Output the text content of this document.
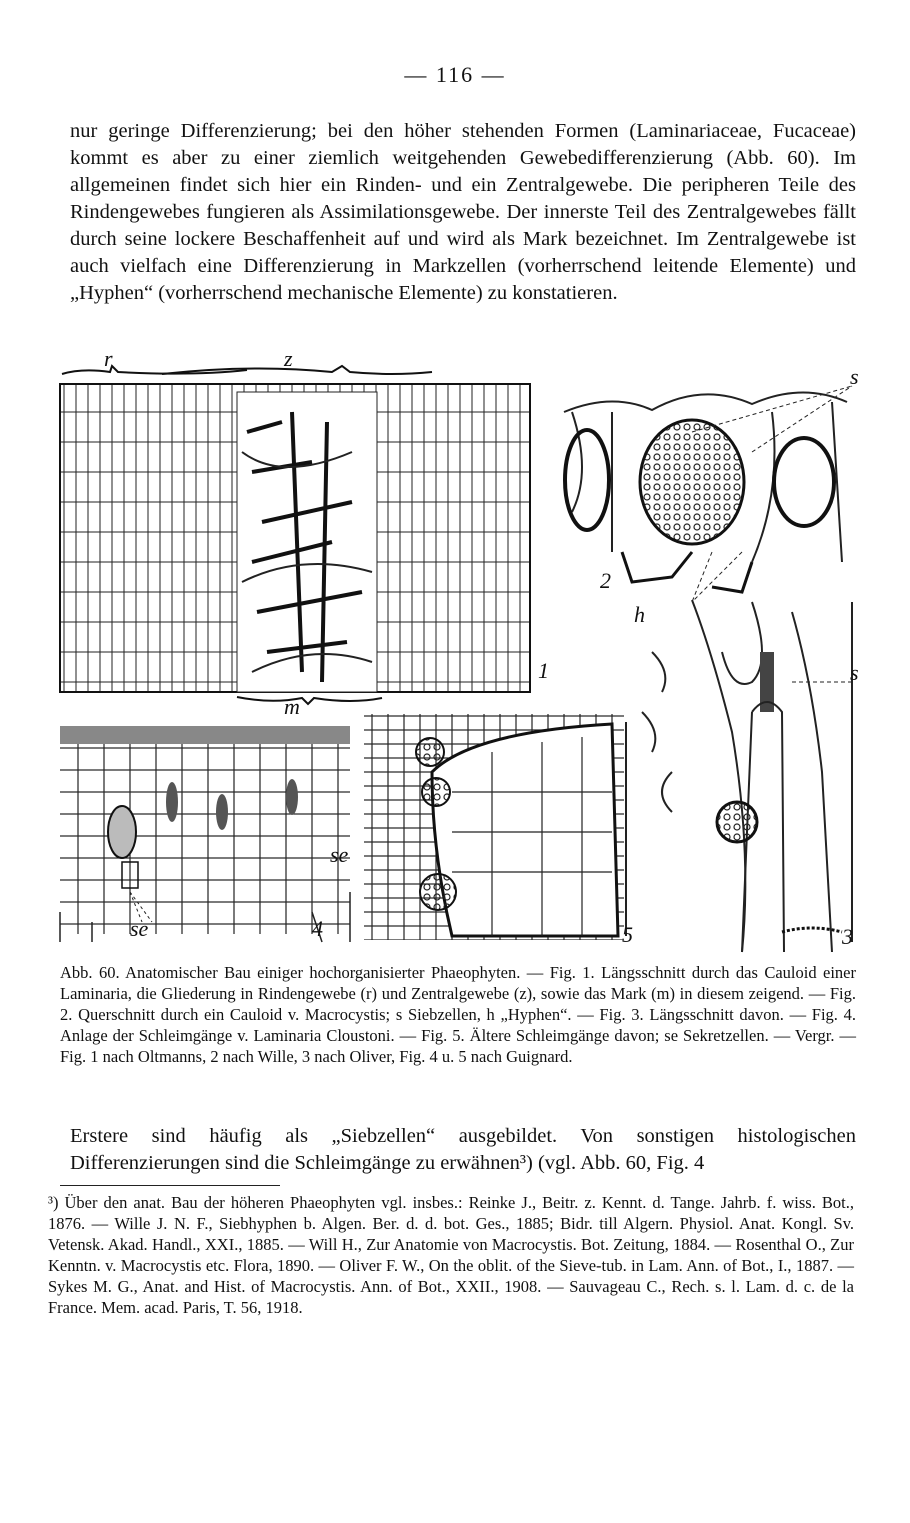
— 116 —

nur geringe Differenzierung; bei den höher stehenden Formen (Laminariaceae, Fucaceae) kommt es aber zu einer ziemlich weitgehenden Gewebedifferenzierung (Abb. 60). Im allgemeinen findet sich hier ein Rinden- und ein Zentralgewebe. Die peripheren Teile des Rindengewebes fungieren als Assimilationsgewebe. Der innerste Teil des Zentralgewebes fällt durch seine lockere Beschaffenheit auf und wird als Mark bezeichnet. Im Zentralgewebe ist auch vielfach eine Differenzierung in Markzellen (vorherrschend leitende Elemente) und „Hyphen“ (vorherrschend mechanische Elemente) zu konstatieren.

r	z
m
1
s
2
h
s
3
se	4
se
5

Abb. 60. Anatomischer Bau einiger hochorganisierter Phaeophyten. — Fig. 1. Längsschnitt durch das Cauloid einer Laminaria, die Gliederung in Rindengewebe (r) und Zentralgewebe (z), sowie das Mark (m) in diesem zeigend. — Fig. 2. Querschnitt durch ein Cauloid v. Macrocystis; s Siebzellen, h „Hyphen“. — Fig. 3. Längsschnitt davon. — Fig. 4. Anlage der Schleimgänge v. Laminaria Cloustoni. — Fig. 5. Ältere Schleimgänge davon; se Sekretzellen. — Vergr. — Fig. 1 nach Oltmanns, 2 nach Wille, 3 nach Oliver, Fig. 4 u. 5 nach Guignard.

Erstere sind häufig als „Siebzellen“ ausgebildet. Von sonstigen histologischen Differenzierungen sind die Schleimgänge zu erwähnen³) (vgl. Abb. 60, Fig. 4

³) Über den anat. Bau der höheren Phaeophyten vgl. insbes.: Reinke J., Beitr. z. Kennt. d. Tange. Jahrb. f. wiss. Bot., 1876. — Wille J. N. F., Siebhyphen b. Algen. Ber. d. d. bot. Ges., 1885; Bidr. till Algern. Physiol. Anat. Kongl. Sv. Vetensk. Akad. Handl., XXI., 1885. — Will H., Zur Anatomie von Macrocystis. Bot. Zeitung, 1884. — Rosenthal O., Zur Kenntn. v. Macrocystis etc. Flora, 1890. — Oliver F. W., On the oblit. of the Sieve-tub. in Lam. Ann. of Bot., I., 1887. — Sykes M. G., Anat. and Hist. of Macrocystis. Ann. of Bot., XXII., 1908. — Sauvageau C., Rech. s. l. Lam. d. c. de la France. Mem. acad. Paris, T. 56, 1918.
